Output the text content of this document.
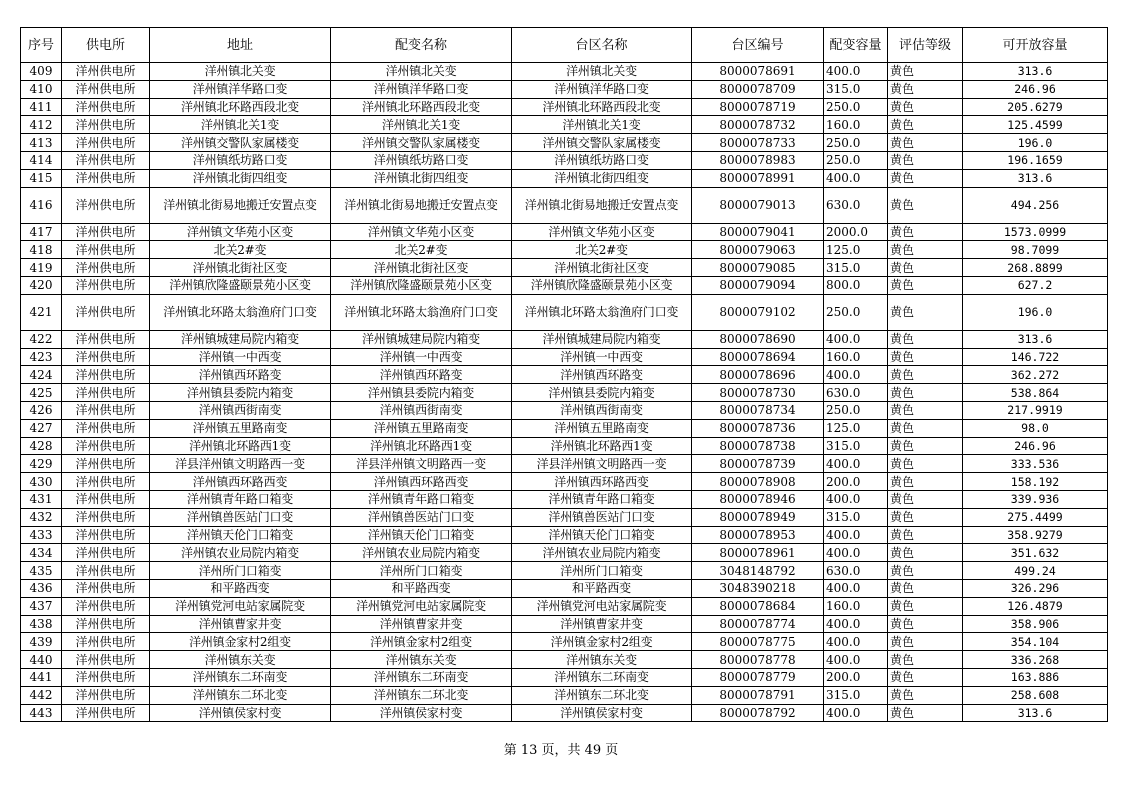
序号	供电所	地址	配变名称	台区名称	台区编号	配变容量	评估等级	可开放容量
409	洋州供电所	洋州镇北关变	洋州镇北关变	洋州镇北关变	8000078691	400.0	黄色	313.6
410	洋州供电所	洋州镇洋华路口变	洋州镇洋华路口变	洋州镇洋华路口变	8000078709	315.0	黄色	246.96
411	洋州供电所	洋州镇北环路西段北变	洋州镇北环路西段北变	洋州镇北环路西段北变	8000078719	250.0	黄色	205.6279
412	洋州供电所	洋州镇北关1变	洋州镇北关1变	洋州镇北关1变	8000078732	160.0	黄色	125.4599
413	洋州供电所	洋州镇交警队家属楼变	洋州镇交警队家属楼变	洋州镇交警队家属楼变	8000078733	250.0	黄色	196.0
414	洋州供电所	洋州镇纸坊路口变	洋州镇纸坊路口变	洋州镇纸坊路口变	8000078983	250.0	黄色	196.1659
415	洋州供电所	洋州镇北街四组变	洋州镇北街四组变	洋州镇北街四组变	8000078991	400.0	黄色	313.6
416	洋州供电所	洋州镇北街易地搬迁安置点变	洋州镇北街易地搬迁安置点变	洋州镇北街易地搬迁安置点变	8000079013	630.0	黄色	494.256
417	洋州供电所	洋州镇文华苑小区变	洋州镇文华苑小区变	洋州镇文华苑小区变	8000079041	2000.0	黄色	1573.0999
418	洋州供电所	北关2#变	北关2#变	北关2#变	8000079063	125.0	黄色	98.7099
419	洋州供电所	洋州镇北街社区变	洋州镇北街社区变	洋州镇北街社区变	8000079085	315.0	黄色	268.8899
420	洋州供电所	洋州镇欣隆盛颐景苑小区变	洋州镇欣隆盛颐景苑小区变	洋州镇欣隆盛颐景苑小区变	8000079094	800.0	黄色	627.2
421	洋州供电所	洋州镇北环路太翁渔府门口变	洋州镇北环路太翁渔府门口变	洋州镇北环路太翁渔府门口变	8000079102	250.0	黄色	196.0
422	洋州供电所	洋州镇城建局院内箱变	洋州镇城建局院内箱变	洋州镇城建局院内箱变	8000078690	400.0	黄色	313.6
423	洋州供电所	洋州镇一中西变	洋州镇一中西变	洋州镇一中西变	8000078694	160.0	黄色	146.722
424	洋州供电所	洋州镇西环路变	洋州镇西环路变	洋州镇西环路变	8000078696	400.0	黄色	362.272
425	洋州供电所	洋州镇县委院内箱变	洋州镇县委院内箱变	洋州镇县委院内箱变	8000078730	630.0	黄色	538.864
426	洋州供电所	洋州镇西街南变	洋州镇西街南变	洋州镇西街南变	8000078734	250.0	黄色	217.9919
427	洋州供电所	洋州镇五里路南变	洋州镇五里路南变	洋州镇五里路南变	8000078736	125.0	黄色	98.0
428	洋州供电所	洋州镇北环路西1变	洋州镇北环路西1变	洋州镇北环路西1变	8000078738	315.0	黄色	246.96
429	洋州供电所	洋县洋州镇文明路西一变	洋县洋州镇文明路西一变	洋县洋州镇文明路西一变	8000078739	400.0	黄色	333.536
430	洋州供电所	洋州镇西环路西变	洋州镇西环路西变	洋州镇西环路西变	8000078908	200.0	黄色	158.192
431	洋州供电所	洋州镇青年路口箱变	洋州镇青年路口箱变	洋州镇青年路口箱变	8000078946	400.0	黄色	339.936
432	洋州供电所	洋州镇兽医站门口变	洋州镇兽医站门口变	洋州镇兽医站门口变	8000078949	315.0	黄色	275.4499
433	洋州供电所	洋州镇天伦门口箱变	洋州镇天伦门口箱变	洋州镇天伦门口箱变	8000078953	400.0	黄色	358.9279
434	洋州供电所	洋州镇农业局院内箱变	洋州镇农业局院内箱变	洋州镇农业局院内箱变	8000078961	400.0	黄色	351.632
435	洋州供电所	洋州所门口箱变	洋州所门口箱变	洋州所门口箱变	3048148792	630.0	黄色	499.24
436	洋州供电所	和平路西变	和平路西变	和平路西变	3048390218	400.0	黄色	326.296
437	洋州供电所	洋州镇党河电站家属院变	洋州镇党河电站家属院变	洋州镇党河电站家属院变	8000078684	160.0	黄色	126.4879
438	洋州供电所	洋州镇曹家井变	洋州镇曹家井变	洋州镇曹家井变	8000078774	400.0	黄色	358.906
439	洋州供电所	洋州镇金家村2组变	洋州镇金家村2组变	洋州镇金家村2组变	8000078775	400.0	黄色	354.104
440	洋州供电所	洋州镇东关变	洋州镇东关变	洋州镇东关变	8000078778	400.0	黄色	336.268
441	洋州供电所	洋州镇东二环南变	洋州镇东二环南变	洋州镇东二环南变	8000078779	200.0	黄色	163.886
442	洋州供电所	洋州镇东二环北变	洋州镇东二环北变	洋州镇东二环北变	8000078791	315.0	黄色	258.608
443	洋州供电所	洋州镇侯家村变	洋州镇侯家村变	洋州镇侯家村变	8000078792	400.0	黄色	313.6
第 13 页，共 49 页
